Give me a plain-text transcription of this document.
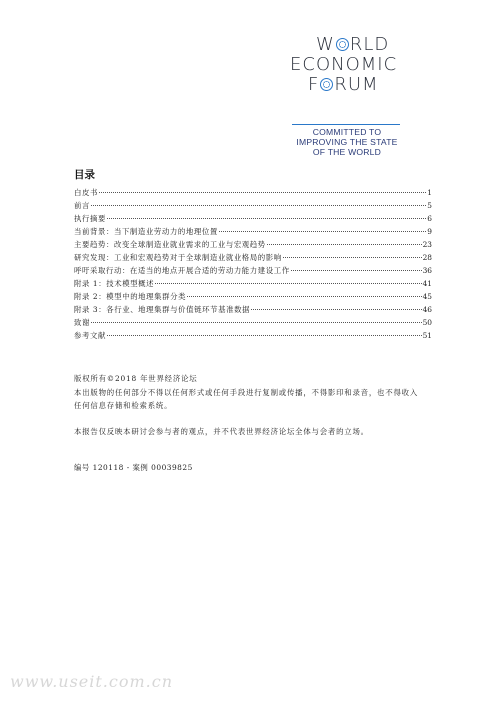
W RLD
ECONOMIC
F RUM
COMMITTED TO IMPROVING THE STATE OF THE WORLD
目录
白皮书	1
前言	5
执行摘要	6
当前背景：当下制造业劳动力的地理位置	9
主要趋势：改变全球制造业就业需求的工业与宏观趋势	23
研究发现：工业和宏观趋势对于全球制造业就业格局的影响	28
呼吁采取行动：在适当的地点开展合适的劳动力能力建设工作	36
附录 1：技术模型概述	41
附录 2：模型中的地理集群分类	45
附录 3：各行业、地理集群与价值链环节基准数据	46
致谢	50
参考文献	51
版权所有©2018 年世界经济论坛
本出版物的任何部分不得以任何形式或任何手段进行复制或传播，不得影印和录音，也不得收入任何信息存储和检索系统。
本报告仅反映本研讨会参与者的观点，并不代表世界经济论坛全体与会者的立场。
编号 120118 - 案例 00039825
www.useit.com.cn
